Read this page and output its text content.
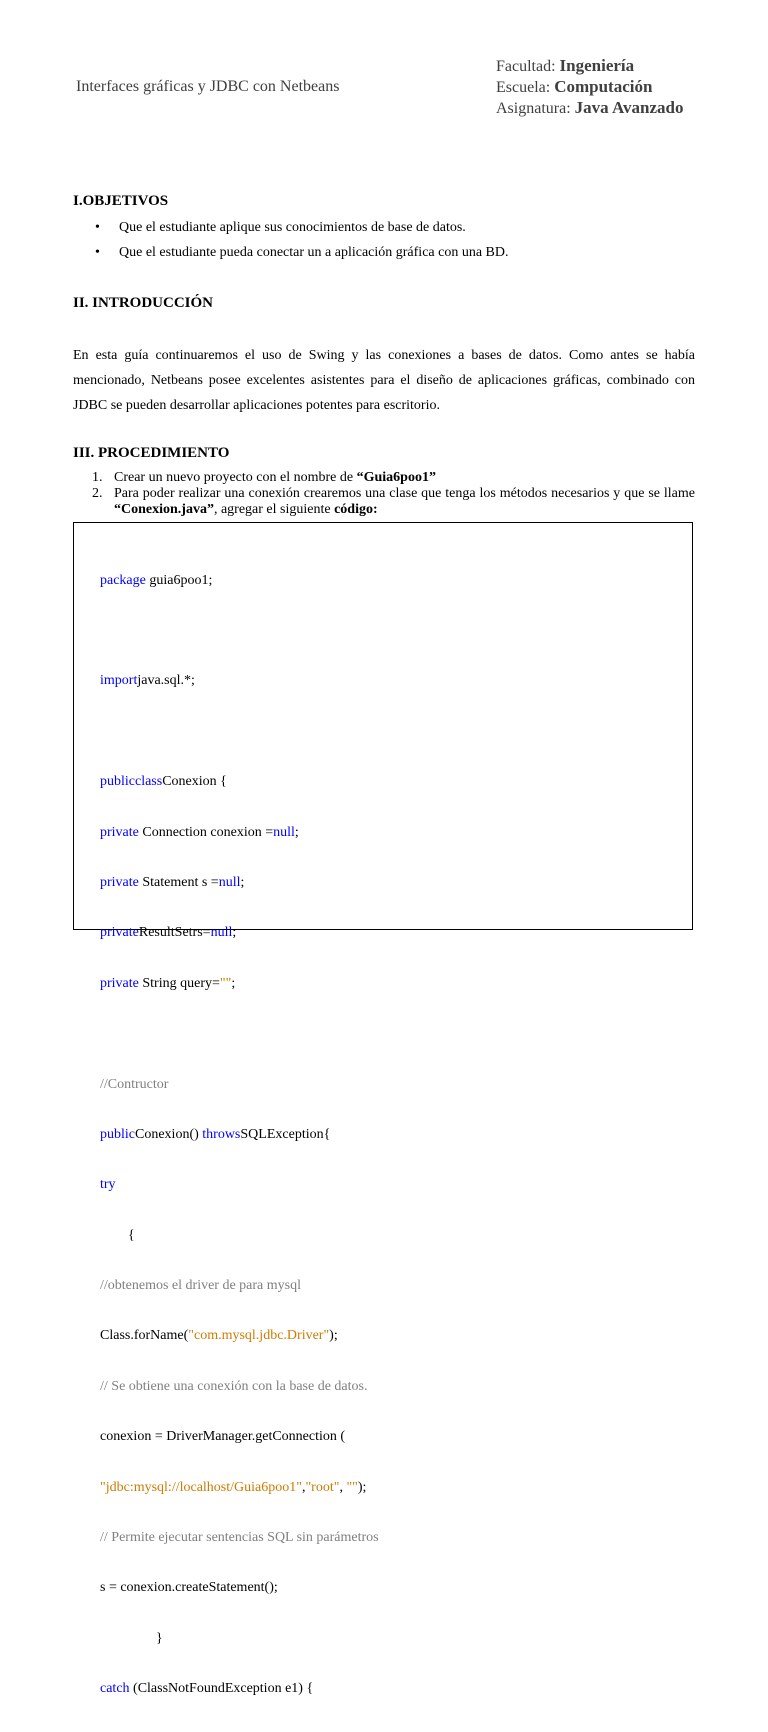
Interfaces gráficas y JDBC con Netbeans
Facultad: Ingeniería
Escuela: Computación
Asignatura: Java Avanzado
I.OBJETIVOS
• Que el estudiante aplique sus conocimientos de base de datos.
• Que el estudiante pueda conectar un a aplicación gráfica con una BD.
II. INTRODUCCIÓN
En esta guía continuaremos el uso de Swing y las conexiones a bases de datos. Como antes se había mencionado, Netbeans posee excelentes asistentes para el diseño de aplicaciones gráficas, combinado con JDBC se pueden desarrollar aplicaciones potentes para escritorio.
III. PROCEDIMIENTO
1. Crear un nuevo proyecto con el nombre de “Guia6poo1”
2. Para poder realizar una conexión crearemos una clase que tenga los métodos necesarios y que se llame “Conexion.java”, agregar el siguiente código:

package guia6poo1;

importjava.sql.*;

publicclassConexion {

private Connection conexion =null;

private Statement s =null;

privateResultSetrs=null;

private String query="";

//Contructor

publicConexion() throwsSQLException{

try

{

//obtenemos el driver de para mysql

Class.forName("com.mysql.jdbc.Driver");

// Se obtiene una conexión con la base de datos.

conexion = DriverManager.getConnection (

"jdbc:mysql://localhost/Guia6poo1","root", "");

// Permite ejecutar sentencias SQL sin parámetros

s = conexion.createStatement();

}

catch (ClassNotFoundException e1) {
